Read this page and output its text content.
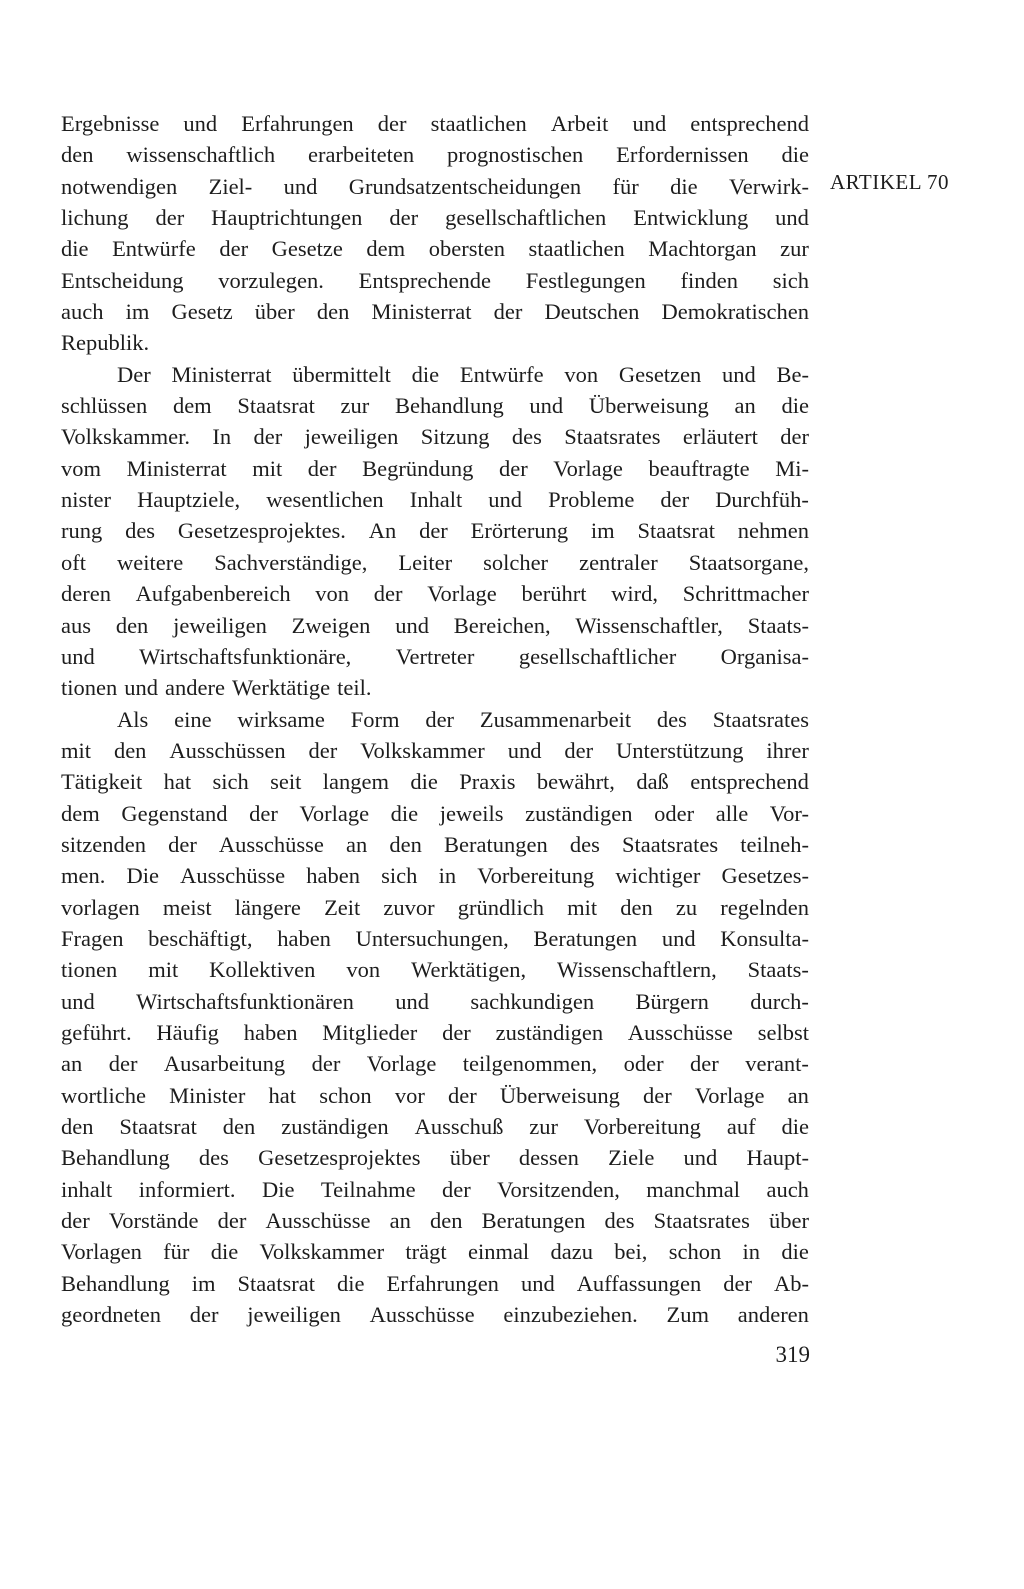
Ergebnisse und Erfahrungen der staatlichen Arbeit und entsprechend
den wissenschaftlich erarbeiteten prognostischen Erfordernissen die
notwendigen Ziel- und Grundsatzentscheidungen für die Verwirk-
lichung der Hauptrichtungen der gesellschaftlichen Entwicklung und
die Entwürfe der Gesetze dem obersten staatlichen Machtorgan zur
Entscheidung vorzulegen. Entsprechende Festlegungen finden sich
auch im Gesetz über den Ministerrat der Deutschen Demokratischen
Republik.
Der Ministerrat übermittelt die Entwürfe von Gesetzen und Be-
schlüssen dem Staatsrat zur Behandlung und Überweisung an die
Volkskammer. In der jeweiligen Sitzung des Staatsrates erläutert der
vom Ministerrat mit der Begründung der Vorlage beauftragte Mi-
nister Hauptziele, wesentlichen Inhalt und Probleme der Durchfüh-
rung des Gesetzesprojektes. An der Erörterung im Staatsrat nehmen
oft weitere Sachverständige, Leiter solcher zentraler Staatsorgane,
deren Aufgabenbereich von der Vorlage berührt wird, Schrittmacher
aus den jeweiligen Zweigen und Bereichen, Wissenschaftler, Staats-
und Wirtschaftsfunktionäre, Vertreter gesellschaftlicher Organisa-
tionen und andere Werktätige teil.
Als eine wirksame Form der Zusammenarbeit des Staatsrates
mit den Ausschüssen der Volkskammer und der Unterstützung ihrer
Tätigkeit hat sich seit langem die Praxis bewährt, daß entsprechend
dem Gegenstand der Vorlage die jeweils zuständigen oder alle Vor-
sitzenden der Ausschüsse an den Beratungen des Staatsrates teilneh-
men. Die Ausschüsse haben sich in Vorbereitung wichtiger Gesetzes-
vorlagen meist längere Zeit zuvor gründlich mit den zu regelnden
Fragen beschäftigt, haben Untersuchungen, Beratungen und Konsulta-
tionen mit Kollektiven von Werktätigen, Wissenschaftlern, Staats-
und Wirtschaftsfunktionären und sachkundigen Bürgern durch-
geführt. Häufig haben Mitglieder der zuständigen Ausschüsse selbst
an der Ausarbeitung der Vorlage teilgenommen, oder der verant-
wortliche Minister hat schon vor der Überweisung der Vorlage an
den Staatsrat den zuständigen Ausschuß zur Vorbereitung auf die
Behandlung des Gesetzesprojektes über dessen Ziele und Haupt-
inhalt informiert. Die Teilnahme der Vorsitzenden, manchmal auch
der Vorstände der Ausschüsse an den Beratungen des Staatsrates über
Vorlagen für die Volkskammer trägt einmal dazu bei, schon in die
Behandlung im Staatsrat die Erfahrungen und Auffassungen der Ab-
geordneten der jeweiligen Ausschüsse einzubeziehen. Zum anderen
ARTIKEL 70
319
